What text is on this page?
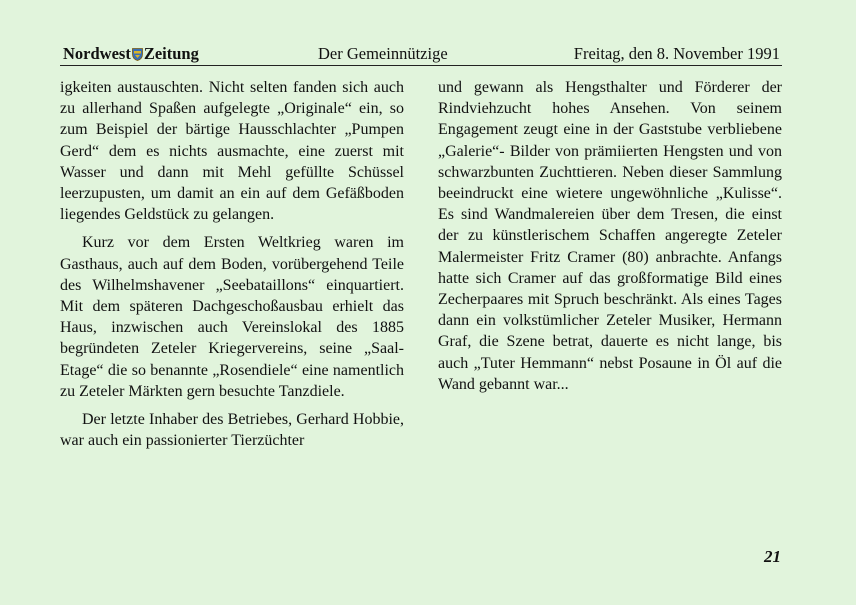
Nordwest Zeitung	Der Gemeinnützige	Freitag, den 8. November 1991

igkeiten austauschten. Nicht selten fanden sich auch zu allerhand Spaßen aufgelegte „Originale“ ein, so zum Beispiel der bärtige Hausschlachter „Pumpen Gerd“ dem es nichts ausmachte, eine zuerst mit Wasser und dann mit Mehl gefüllte Schüssel leerzupusten, um damit an ein auf dem Gefäßboden liegendes Geldstück zu gelangen.

Kurz vor dem Ersten Weltkrieg waren im Gasthaus, auch auf dem Boden, vorübergehend Teile des Wilhelmshavener „Seebataillons“ einquartiert. Mit dem späteren Dachgeschoßausbau erhielt das Haus, inzwischen auch Vereinslokal des 1885 begründeten Zeteler Kriegervereins, seine „Saal-Etage“ die so benannte „Rosendiele“ eine namentlich zu Zeteler Märkten gern besuchte Tanzdiele.

Der letzte Inhaber des Betriebes, Gerhard Hobbie, war auch ein passionierter Tierzüchter

und gewann als Hengsthalter und Förderer der Rindviehzucht hohes Ansehen. Von seinem Engagement zeugt eine in der Gaststube verbliebene „Galerie“- Bilder von prämiierten Hengsten und von schwarzbunten Zuchttieren. Neben dieser Sammlung beeindruckt eine wietere ungewöhnliche „Kulisse“. Es sind Wandmalereien über dem Tresen, die einst der zu künstlerischem Schaffen angeregte Zeteler Malermeister Fritz Cramer (80) anbrachte. Anfangs hatte sich Cramer auf das großformatige Bild eines Zecherpaares mit Spruch beschränkt. Als eines Tages dann ein volkstümlicher Zeteler Musiker, Hermann Graf, die Szene betrat, dauerte es nicht lange, bis auch „Tuter Hemmann“ nebst Posaune in Öl auf die Wand gebannt war...

21
